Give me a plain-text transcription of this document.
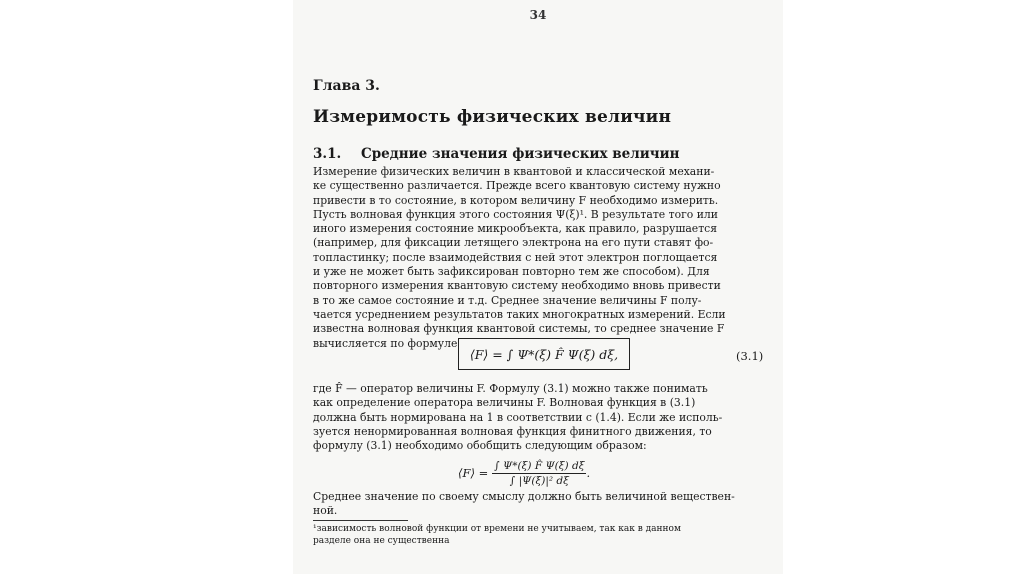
34
Глава 3.
Измеримость физических величин
3.1. Средние значения физических величин
Измерение физических величин в квантовой и классической механи-
ке существенно различается. Прежде всего квантовую систему нужно
привести в то состояние, в котором величину F необходимо измерить.
Пусть волновая функция этого состояния Ψ(ξ)¹. В результате того или
иного измерения состояние микрообъекта, как правило, разрушается
(например, для фиксации летящего электрона на его пути ставят фо-
топластинку; после взаимодействия с ней этот электрон поглощается
и уже не может быть зафиксирован повторно тем же способом). Для
повторного измерения квантовую систему необходимо вновь привести
в то же самое состояние и т.д. Среднее значение величины F полу-
чается усреднением результатов таких многократных измерений. Если
известна волновая функция квантовой системы, то среднее значение F
вычисляется по формуле
⟨F⟩ = ∫ Ψ*(ξ) F̂ Ψ(ξ) dξ,	(3.1)
где F̂ — оператор величины F. Формулу (3.1) можно также понимать
как определение оператора величины F. Волновая функция в (3.1)
должна быть нормирована на 1 в соответствии с (1.4). Если же исполь-
зуется ненормированная волновая функция финитного движения, то
формулу (3.1) необходимо обобщить следующим образом:
⟨F⟩ = $\frac{\int \Psi*(\xi) F̂ \Psi(\xi) d\xi}{\text{∫ |Ψ(ξ)|² dξ}}$ .
Среднее значение по своему смыслу должно быть величиной веществен-
ной.
¹зависимость волновой функции от времени не учитываем, так как в данном
разделе она не существенна
